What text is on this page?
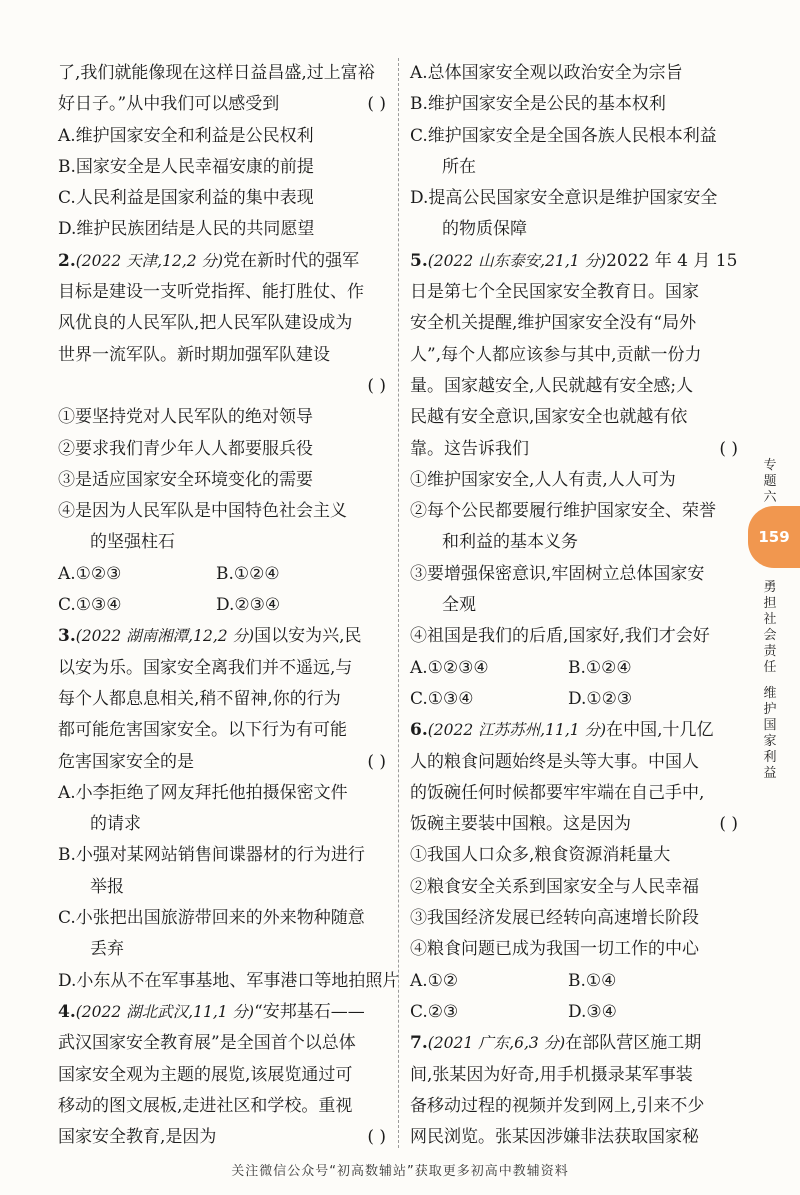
了,我们就能像现在这样日益昌盛,过上富裕
好日子。”从中我们可以感受到	( )
A.维护国家安全和利益是公民权利
B.国家安全是人民幸福安康的前提
C.人民利益是国家利益的集中表现
D.维护民族团结是人民的共同愿望
2.(2022 天津,12,2 分)党在新时代的强军
目标是建设一支听党指挥、能打胜仗、作
风优良的人民军队,把人民军队建设成为
世界一流军队。新时期加强军队建设
( )
①要坚持党对人民军队的绝对领导
②要求我们青少年人人都要服兵役
③是适应国家安全环境变化的需要
④是因为人民军队是中国特色社会主义
的坚强柱石
A.①②③	B.①②④
C.①③④	D.②③④
3.(2022 湖南湘潭,12,2 分)国以安为兴,民
以安为乐。国家安全离我们并不遥远,与
每个人都息息相关,稍不留神,你的行为
都可能危害国家安全。以下行为有可能
危害国家安全的是	( )
A.小李拒绝了网友拜托他拍摄保密文件
的请求
B.小强对某网站销售间谍器材的行为进行
举报
C.小张把出国旅游带回来的外来物种随意
丢弃
D.小东从不在军事基地、军事港口等地拍照片
4.(2022 湖北武汉,11,1 分)“安邦基石——
武汉国家安全教育展”是全国首个以总体
国家安全观为主题的展览,该展览通过可
移动的图文展板,走进社区和学校。重视
国家安全教育,是因为	( )
A.总体国家安全观以政治安全为宗旨
B.维护国家安全是公民的基本权利
C.维护国家安全是全国各族人民根本利益
所在
D.提高公民国家安全意识是维护国家安全
的物质保障
5.(2022 山东泰安,21,1 分)2022 年 4 月 15
日是第七个全民国家安全教育日。国家
安全机关提醒,维护国家安全没有“局外
人”,每个人都应该参与其中,贡献一份力
量。国家越安全,人民就越有安全感;人
民越有安全意识,国家安全也就越有依
靠。这告诉我们	( )
①维护国家安全,人人有责,人人可为
②每个公民都要履行维护国家安全、荣誉
和利益的基本义务
③要增强保密意识,牢固树立总体国家安
全观
④祖国是我们的后盾,国家好,我们才会好
A.①②③④	B.①②④
C.①③④	D.①②③
6.(2022 江苏苏州,11,1 分)在中国,十几亿
人的粮食问题始终是头等大事。中国人
的饭碗任何时候都要牢牢端在自己手中,
饭碗主要装中国粮。这是因为	( )
①我国人口众多,粮食资源消耗量大
②粮食安全关系到国家安全与人民幸福
③我国经济发展已经转向高速增长阶段
④粮食问题已成为我国一切工作的中心
A.①②	B.①④
C.②③	D.③④
7.(2021 广东,6,3 分)在部队营区施工期
间,张某因为好奇,用手机摄录某军事装
备移动过程的视频并发到网上,引来不少
网民浏览。张某因涉嫌非法获取国家秘
专
题
六
159
勇
担
社
会
责
任
维
护
国
家
利
益
关注微信公众号“初高数辅站”获取更多初高中教辅资料
